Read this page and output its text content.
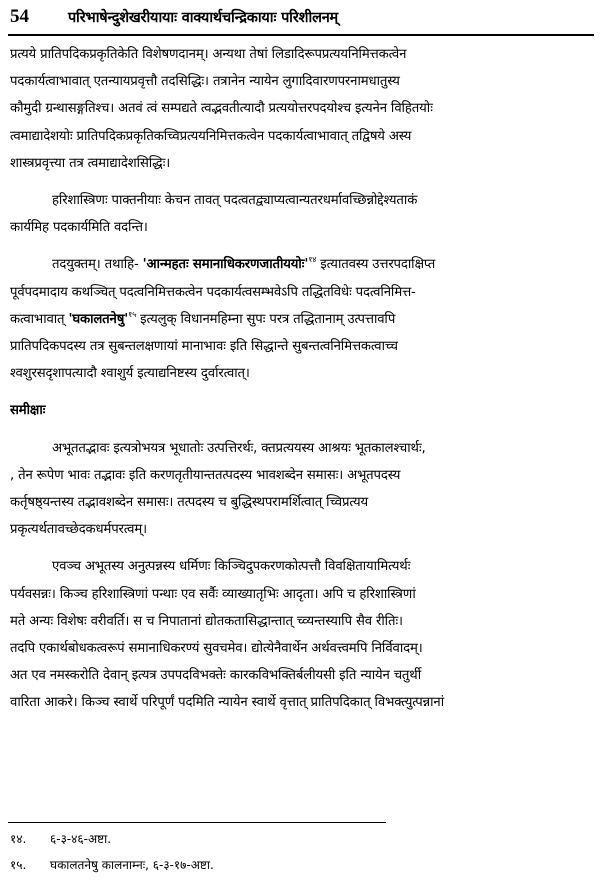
54	परिभाषेन्दुशेखरीयायाः वाक्यार्थचन्द्रिकायाः परिशीलनम्
प्रत्यये प्रातिपदिकप्रकृतिकेति विशेषणदानम्। अन्यथा तेषां लिडादिरूपप्रत्ययनिमित्तकत्वेन
पदकार्यत्वाभावात् एतन्यायप्रवृत्तौ तदसिद्धिः। तत्रानेन न्यायेन लुगादिवारणपरनामधातुस्य
कौमुदी ग्रन्थासङ्गतिश्च। अतवं त्वं सम्पद्यते त्वद्भवतीत्यादौ प्रत्ययोत्तरपदयोश्च इत्यनेन विहितयोः
त्वमाद्यादेशयोः प्रातिपदिकप्रकृतिकच्विप्रत्ययनिमित्तकत्वेन पदकार्यत्वाभावात् तद्विषये अस्य
शास्त्रप्रवृत्त्या तत्र त्वमाद्यादेशसिद्धिः।
हरिशास्त्रिणः पाक्तनीयाः केचन तावत् पदत्वतद्व्याप्यत्वान्यतरधर्मावच्छिन्नोद्देश्यताकं
कार्यमिह पदकार्यमिति वदन्ति।
तदयुक्तम्। तथाहि- 'आन्महतः $समानाधिकरणजातीययोः'^{१४}$ इत्यातवस्य उत्तरपदाक्षिप्त
पूर्वपदमादाय कथञ्चित् पदत्वनिमित्तकत्वेन पदकार्यत्वसम्भवेऽपि तद्धितविधेः पदत्वनिमित्त-
कत्वाभावात् '$घकालतनेषु'^{१५}$ इत्यलुक् विधानमहिम्ना सुपः परत्र तद्धितानाम् उत्पत्तावपि
प्रातिपदिकपदस्य तत्र सुबन्तलक्षणायां मानाभावः इति सिद्धान्ते सुबन्तत्वनिमित्तकत्वाच्च
श्वशुरसदृशापत्यादौ श्वाशुर्य इत्याद्यनिष्टस्य दुर्वारत्वात्।
समीक्षाः
अभूततद्भावः इत्यत्रोभयत्र भूधातोः उत्पत्तिरर्थः, क्तप्रत्ययस्य आश्रयः भूतकालश्चार्थः,
, तेन रूपेण भावः तद्भावः इति करणतृतीयान्ततत्पदस्य भावशब्देन समासः। अभूतपदस्य
कर्तृषष्ठ्यन्तस्य तद्भावशब्देन समासः। तत्पदस्य च बुद्धिस्थपरामर्शित्वात् च्विप्रत्यय
प्रकृत्यर्थतावच्छेदकधर्मपरत्वम्।
एवञ्च अभूतस्य अनुत्पन्नस्य धर्मिणः किञ्चिदुपकरणकोत्पत्तौ विवक्षितायामित्यर्थः
पर्यवसन्नः। किञ्च हरिशास्त्रिणां पन्थाः एव सर्वैः व्याख्यातृभिः आदृता। अपि च हरिशास्त्रिणां
मते अन्यः विशेषः वरीवर्ति। स च निपातानां द्योतकतासिद्धान्तात् च्व्यन्तस्यापि सैव रीतिः।
तदपि एकार्थबोधकत्वरूपं समानाधिकरण्यं सुवचमेव। द्योत्येनैवार्थेन अर्थवत्त्वमपि निर्विवादम्।
अत एव नमस्करोति देवान् इत्यत्र उपपदविभक्तेः कारकविभक्तिर्बलीयसी इति न्यायेन चतुर्थी
वारिता आकरे। किञ्च स्वार्थे परिपूर्णं पदमिति न्यायेन स्वार्थे वृत्तात् प्रातिपदिकात् विभक्त्युत्पन्नानां
१४. ६-३-४६-अष्टा.
१५. घकालतनेषु कालनाम्नः, ६-३-१७-अष्टा.
